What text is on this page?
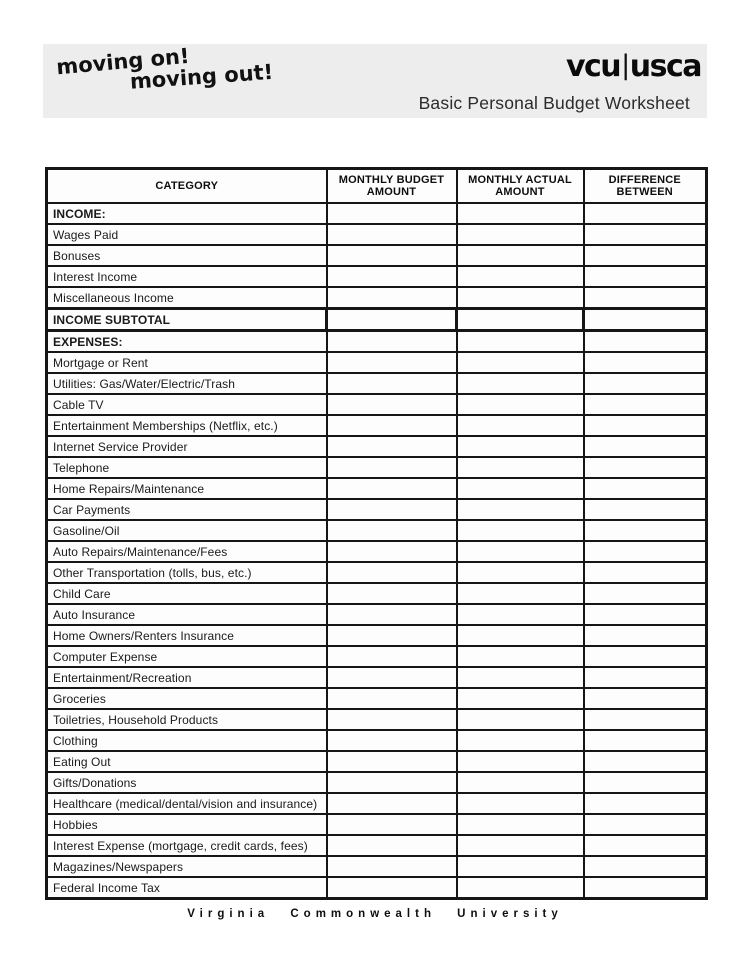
moving on!
moving out!	vcu|usca
Basic Personal Budget Worksheet
CATEGORY	MONTHLY BUDGET AMOUNT	MONTHLY ACTUAL AMOUNT	DIFFERENCE BETWEEN
INCOME:			
Wages Paid			
Bonuses			
Interest Income			
Miscellaneous Income			
INCOME SUBTOTAL			
EXPENSES:			
Mortgage or Rent			
Utilities: Gas/Water/Electric/Trash			
Cable TV			
Entertainment Memberships (Netflix, etc.)			
Internet Service Provider			
Telephone			
Home Repairs/Maintenance			
Car Payments			
Gasoline/Oil			
Auto Repairs/Maintenance/Fees			
Other Transportation (tolls, bus, etc.)			
Child Care			
Auto Insurance			
Home Owners/Renters Insurance			
Computer Expense			
Entertainment/Recreation			
Groceries			
Toiletries, Household Products			
Clothing			
Eating Out			
Gifts/Donations			
Healthcare (medical/dental/vision and insurance)			
Hobbies			
Interest Expense (mortgage, credit cards, fees)			
Magazines/Newspapers			
Federal Income Tax			
Virginia Commonwealth University
